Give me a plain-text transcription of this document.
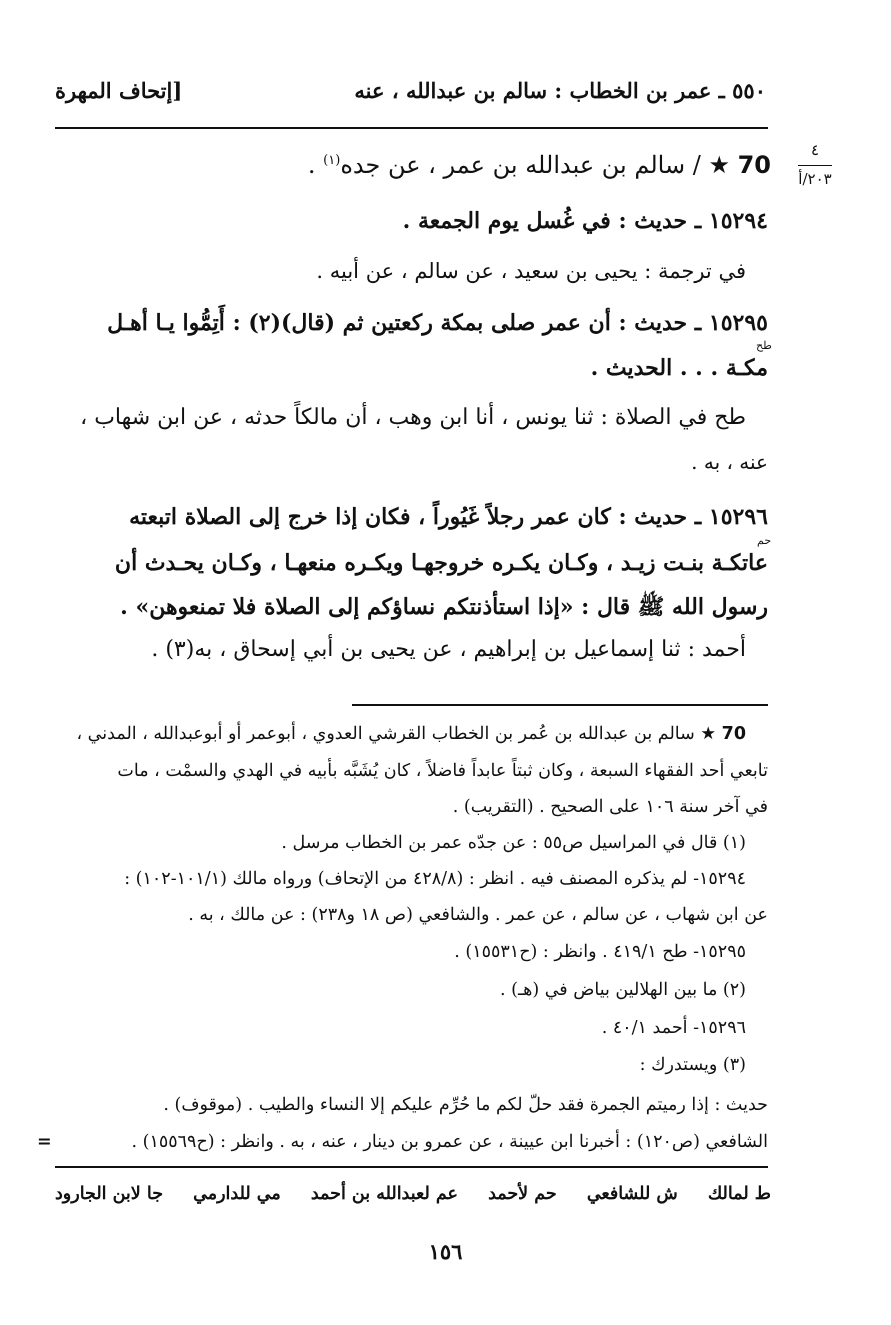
٥٥٠ ـ عمر بن الخطاب : سالم بن عبدالله ، عنه
[إتحاف المهرة
٤
٢٠٣/أ
70 ★ / سالم بن عبدالله بن عمر ، عن جده$^{(١)}$ .
١٥٢٩٤ ـ حديث : في غُسل يوم الجمعة .
في ترجمة : يحيى بن سعيد ، عن سالم ، عن أبيه .
١٥٢٩٥ ـ حديث : أن عمر صلى بمكة ركعتين ثم (قال)(٢) : أَتِمُّوا يـا أهـل
طح
مكـة . . . الحديث .
طح في الصلاة : ثنا يونس ، أنا ابن وهب ، أن مالكاً حدثه ، عن ابن شهاب ،
عنه ، به .
١٥٢٩٦ ـ حديث : كان عمر رجلاً غَيُوراً ، فكان إذا خرج إلى الصلاة اتبعته
حم
عاتكـة بنـت زيـد ، وكـان يكـره خروجهـا ويكـره منعهـا ، وكـان يحـدث أن
رسول الله ﷺ قال : «إذا استأذنتكم نساؤكم إلى الصلاة فلا تمنعوهن» .
أحمد : ثنا إسماعيل بن إبراهيم ، عن يحيى بن أبي إسحاق ، به(٣) .
70 ★ سالم بن عبدالله بن عُمر بن الخطاب القرشي العدوي ، أبوعمر أو أبوعبدالله ، المدني ،
تابعي أحد الفقهاء السبعة ، وكان ثبتاً عابداً فاضلاً ، كان يُشَبَّه بأبيه في الهدي والسمْت ، مات
في آخر سنة ١٠٦ على الصحيح . (التقريب) .
(١) قال في المراسيل ص٥٥ : عن جدّه عمر بن الخطاب مرسل .
١٥٢٩٤- لم يذكره المصنف فيه . انظر : (٤٢٨/٨ من الإتحاف) ورواه مالك (١٠١/١-١٠٢) :
عن ابن شهاب ، عن سالم ، عن عمر . والشافعي (ص ١٨ و٢٣٨) : عن مالك ، به .
١٥٢٩٥- طح ٤١٩/١ . وانظر : (ح١٥٥٣١) .
(٢) ما بين الهلالين بياض في (هـ) .
١٥٢٩٦- أحمد ٤٠/١ .
(٣) ويستدرك :
حديث : إذا رميتم الجمرة فقد حلّ لكم ما حُرِّم عليكم إلا النساء والطيب . (موقوف) .
الشافعي (ص١٢٠) : أخبرنا ابن عيينة ، عن عمرو بن دينار ، عنه ، به . وانظر : (ح١٥٥٦٩) .
=
ط لمالك
ش للشافعي
حم لأحمد
عم لعبدالله بن أحمد
مي للدارمي
جا لابن الجارود
١٥٦
